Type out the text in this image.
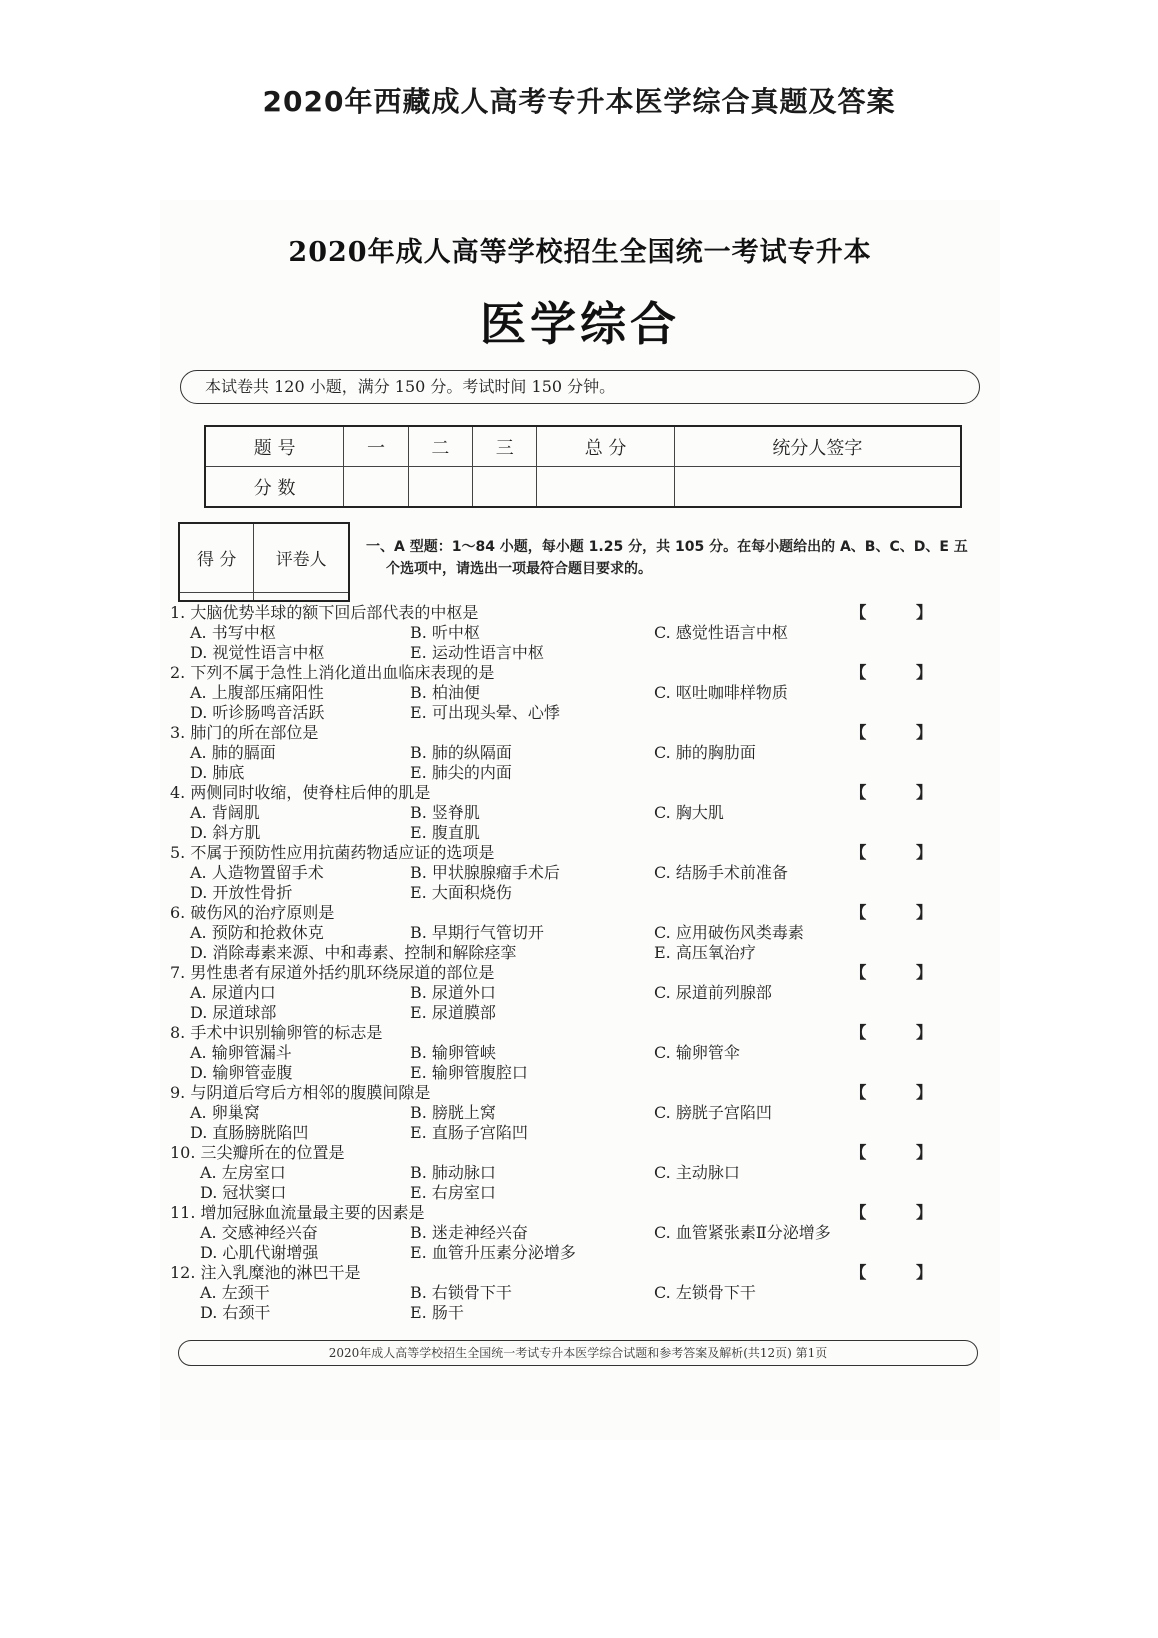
2020年西藏成人高考专升本医学综合真题及答案
2020年成人高等学校招生全国统一考试专升本
医学综合
本试卷共 120 小题，满分 150 分。考试时间 150 分钟。
题 号	一	二	三	总 分	统分人签字
分 数					
得 分	评卷人

一、A 型题：1～84 小题，每小题 1.25 分，共 105 分。在每小题给出的 A、B、C、D、E 五
个选项中，请选出一项最符合题目要求的。
1. 大脑优势半球的额下回后部代表的中枢是	【 】
A. 书写中枢	B. 听中枢	C. 感觉性语言中枢
D. 视觉性语言中枢	E. 运动性语言中枢
2. 下列不属于急性上消化道出血临床表现的是	【 】
A. 上腹部压痛阳性	B. 柏油便	C. 呕吐咖啡样物质
D. 听诊肠鸣音活跃	E. 可出现头晕、心悸
3. 肺门的所在部位是	【 】
A. 肺的膈面	B. 肺的纵隔面	C. 肺的胸肋面
D. 肺底	E. 肺尖的内面
4. 两侧同时收缩，使脊柱后伸的肌是	【 】
A. 背阔肌	B. 竖脊肌	C. 胸大肌
D. 斜方肌	E. 腹直肌
5. 不属于预防性应用抗菌药物适应证的选项是	【 】
A. 人造物置留手术	B. 甲状腺腺瘤手术后	C. 结肠手术前准备
D. 开放性骨折	E. 大面积烧伤
6. 破伤风的治疗原则是	【 】
A. 预防和抢救休克	B. 早期行气管切开	C. 应用破伤风类毒素
D. 消除毒素来源、中和毒素、控制和解除痉挛	E. 高压氧治疗
7. 男性患者有尿道外括约肌环绕尿道的部位是	【 】
A. 尿道内口	B. 尿道外口	C. 尿道前列腺部
D. 尿道球部	E. 尿道膜部
8. 手术中识别输卵管的标志是	【 】
A. 输卵管漏斗	B. 输卵管峡	C. 输卵管伞
D. 输卵管壶腹	E. 输卵管腹腔口
9. 与阴道后穹后方相邻的腹膜间隙是	【 】
A. 卵巢窝	B. 膀胱上窝	C. 膀胱子宫陷凹
D. 直肠膀胱陷凹	E. 直肠子宫陷凹
10. 三尖瓣所在的位置是	【 】
A. 左房室口	B. 肺动脉口	C. 主动脉口
D. 冠状窦口	E. 右房室口
11. 增加冠脉血流量最主要的因素是	【 】
A. 交感神经兴奋	B. 迷走神经兴奋	C. 血管紧张素Ⅱ分泌增多
D. 心肌代谢增强	E. 血管升压素分泌增多
12. 注入乳糜池的淋巴干是	【 】
A. 左颈干	B. 右锁骨下干	C. 左锁骨下干
D. 右颈干	E. 肠干
2020年成人高等学校招生全国统一考试专升本医学综合试题和参考答案及解析(共12页) 第1页
